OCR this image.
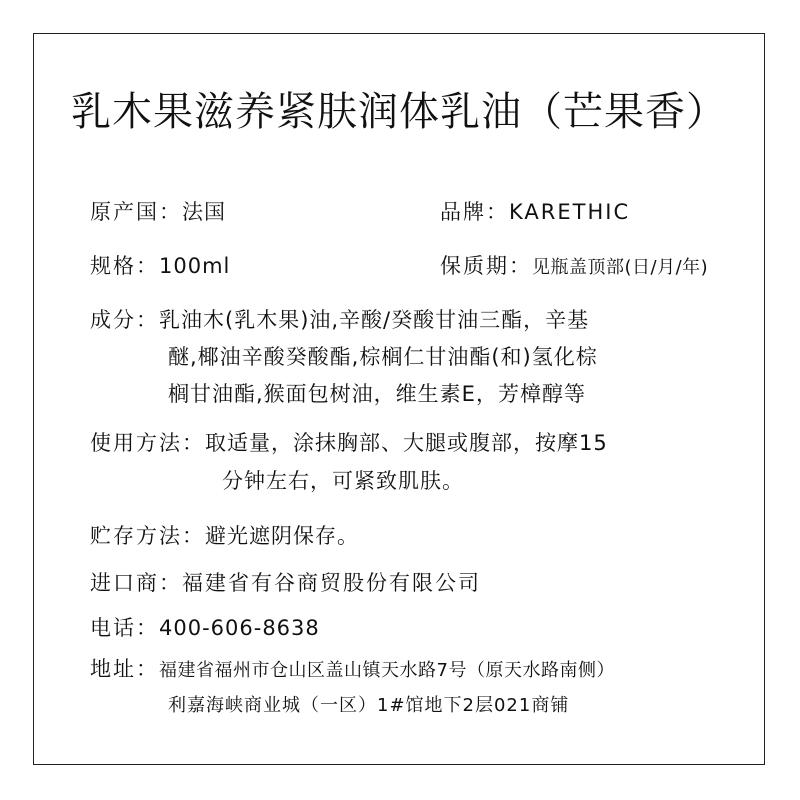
乳木果滋养紧肤润体乳油（芒果香）
原产国：法国	品牌：KARETHIC
规格：100ml	保质期：见瓶盖顶部(日/月/年)
成分：乳油木(乳木果)油,辛酸/癸酸甘油三酯，辛基
醚,椰油辛酸癸酸酯,棕榈仁甘油酯(和)氢化棕
榈甘油酯,猴面包树油，维生素E，芳樟醇等
使用方法：取适量，涂抹胸部、大腿或腹部，按摩15
分钟左右，可紧致肌肤。
贮存方法：避光遮阴保存。
进口商：福建省有谷商贸股份有限公司
电话：400-606-8638
地址：福建省福州市仓山区盖山镇天水路7号（原天水路南侧）
利嘉海峡商业城（一区）1#馆地下2层021商铺
